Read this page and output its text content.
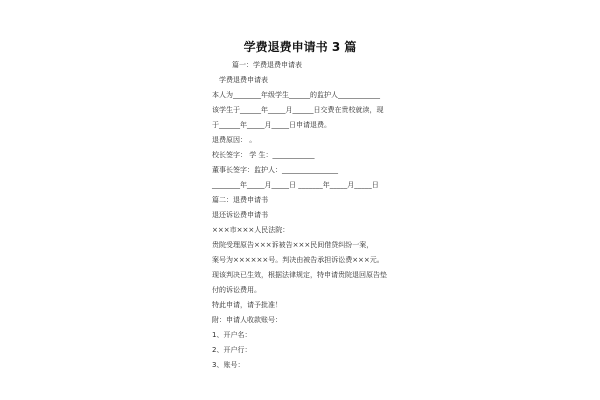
学费退费申请书 3 篇
篇一：学费退费申请表
学费退费申请表
本人为________年级学生______的监护人____________
该学生于______年_____月______日交费在贵校就读，现
于______年_____月_____日申请退费。
退费原因： 。
校长签字： 学 生：____________
董事长签字：监护人：________________
________年_____月_____日 _______年_____月_____日
篇二：退费申请书
退还诉讼费申请书
×××市×××人民法院：
贵院受理原告×××诉被告×××民间借贷纠纷一案，
案号为××××××号。判决由被告承担诉讼费×××元。
现该判决已生效，根据法律规定，特申请贵院退回原告垫
付的诉讼费用。
特此申请，请予批准！
附：申请人收款账号：
1、开户名：
2、开户行：
3、账号：
